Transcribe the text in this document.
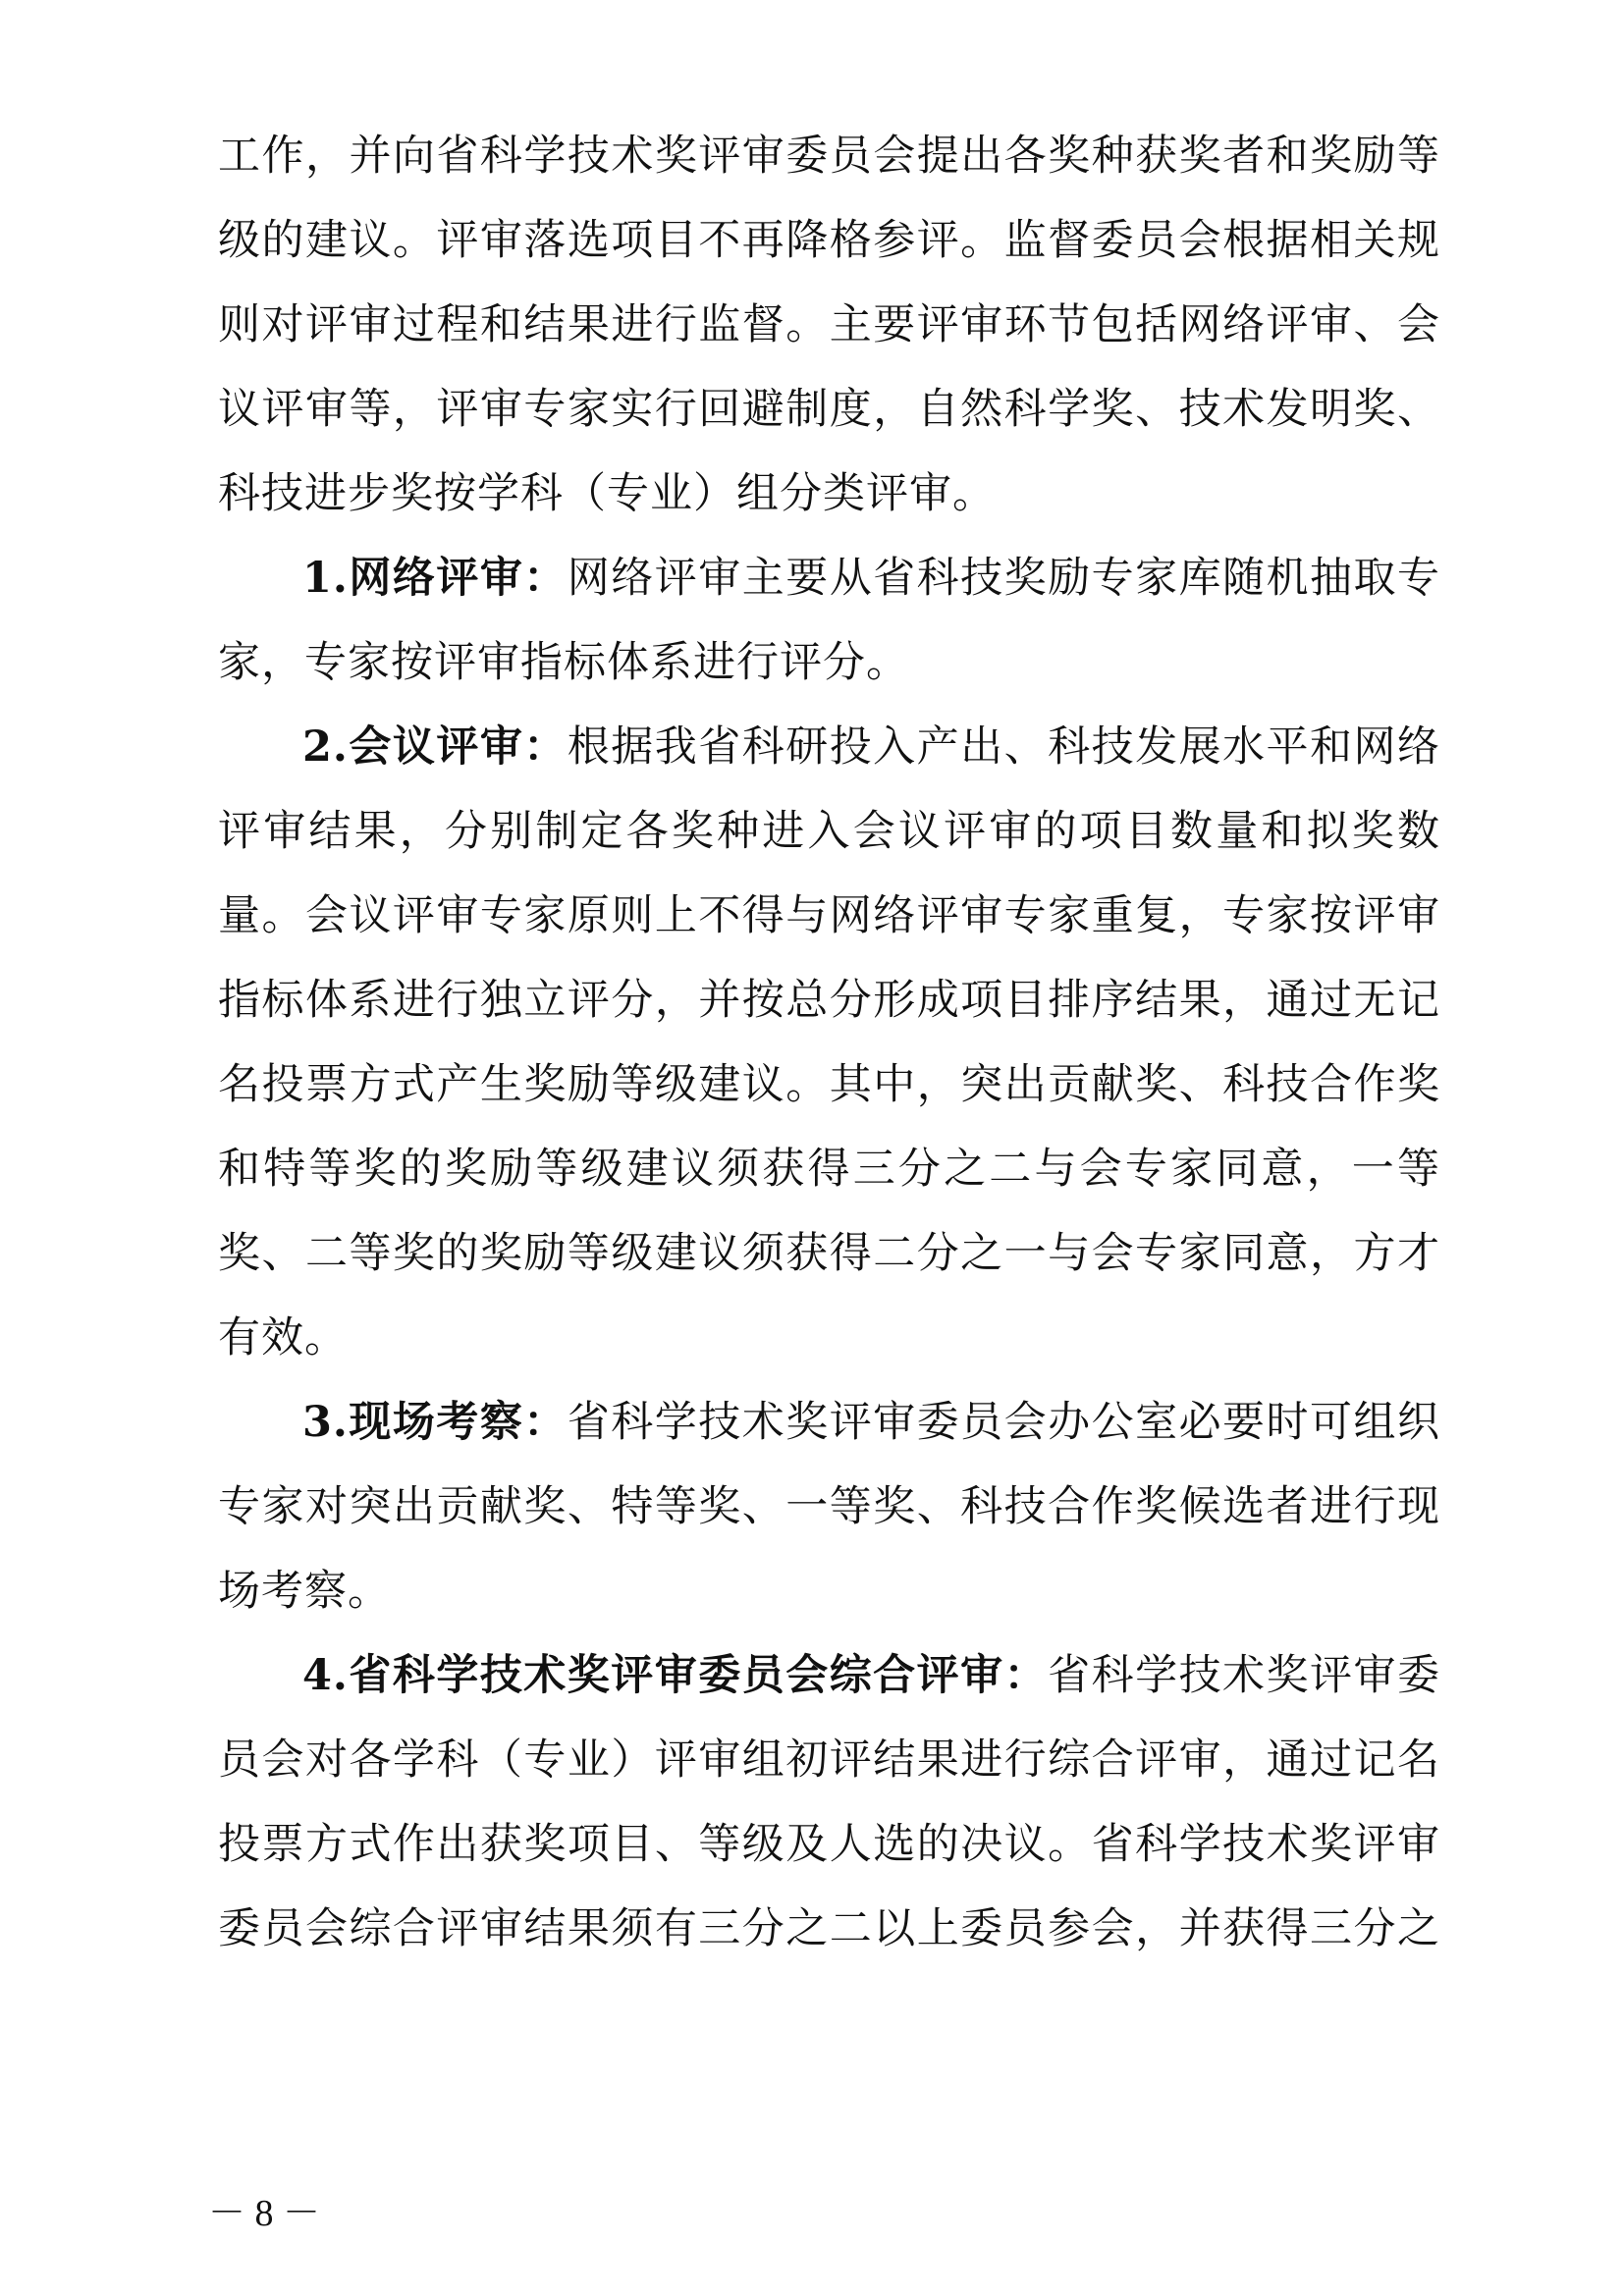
工作，并向省科学技术奖评审委员会提出各奖种获奖者和奖励等
级的建议。评审落选项目不再降格参评。监督委员会根据相关规
则对评审过程和结果进行监督。主要评审环节包括网络评审、会
议评审等，评审专家实行回避制度，自然科学奖、技术发明奖、
科技进步奖按学科（专业）组分类评审。
1.网络评审：网络评审主要从省科技奖励专家库随机抽取专
家，专家按评审指标体系进行评分。
2.会议评审：根据我省科研投入产出、科技发展水平和网络
评审结果，分别制定各奖种进入会议评审的项目数量和拟奖数
量。会议评审专家原则上不得与网络评审专家重复，专家按评审
指标体系进行独立评分，并按总分形成项目排序结果，通过无记
名投票方式产生奖励等级建议。其中，突出贡献奖、科技合作奖
和特等奖的奖励等级建议须获得三分之二与会专家同意，一等
奖、二等奖的奖励等级建议须获得二分之一与会专家同意，方才
有效。
3.现场考察：省科学技术奖评审委员会办公室必要时可组织
专家对突出贡献奖、特等奖、一等奖、科技合作奖候选者进行现
场考察。
4.省科学技术奖评审委员会综合评审：省科学技术奖评审委
员会对各学科（专业）评审组初评结果进行综合评审，通过记名
投票方式作出获奖项目、等级及人选的决议。省科学技术奖评审
委员会综合评审结果须有三分之二以上委员参会，并获得三分之
－ 8 －
